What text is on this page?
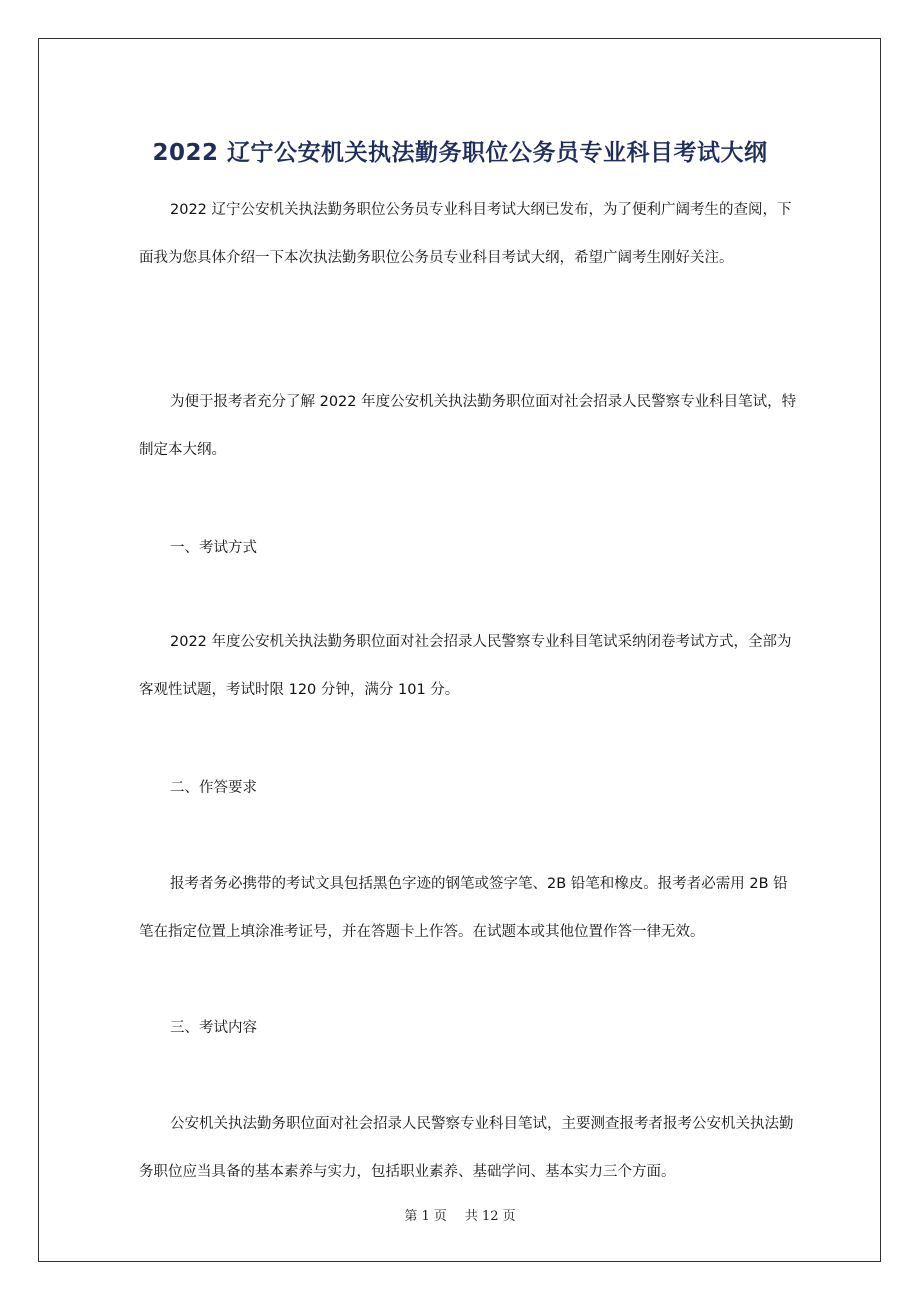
2022 辽宁公安机关执法勤务职位公务员专业科目考试大纲

2022 辽宁公安机关执法勤务职位公务员专业科目考试大纲已发布，为了便利广阔考生的查阅，下面我为您具体介绍一下本次执法勤务职位公务员专业科目考试大纲，希望广阔考生刚好关注。

为便于报考者充分了解 2022 年度公安机关执法勤务职位面对社会招录人民警察专业科目笔试，特制定本大纲。

一、考试方式

2022 年度公安机关执法勤务职位面对社会招录人民警察专业科目笔试采纳闭卷考试方式，全部为客观性试题，考试时限 120 分钟，满分 101 分。

二、作答要求

报考者务必携带的考试文具包括黑色字迹的钢笔或签字笔、2B 铅笔和橡皮。报考者必需用 2B 铅笔在指定位置上填涂准考证号，并在答题卡上作答。在试题本或其他位置作答一律无效。

三、考试内容

公安机关执法勤务职位面对社会招录人民警察专业科目笔试，主要测查报考者报考公安机关执法勤务职位应当具备的基本素养与实力，包括职业素养、基础学问、基本实力三个方面。

第 1 页 共 12 页
